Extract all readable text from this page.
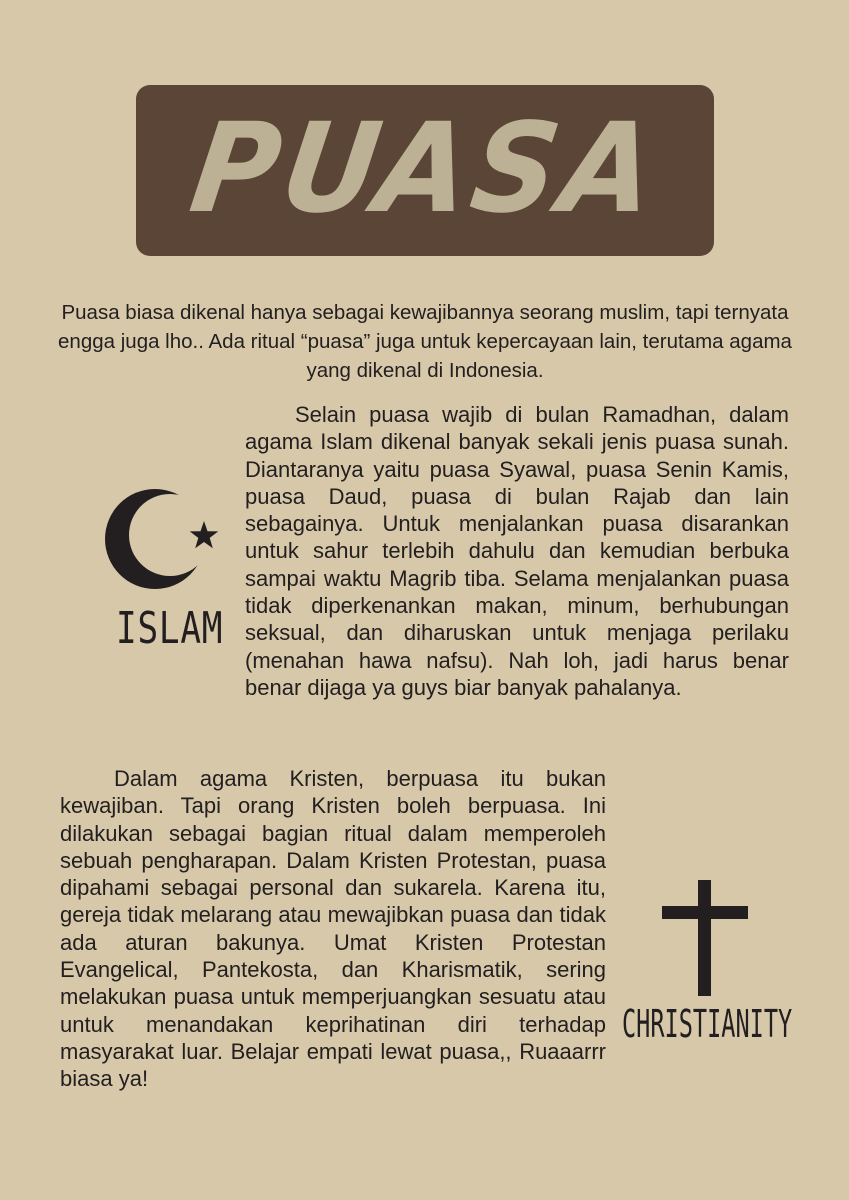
PUASA
Puasa biasa dikenal hanya sebagai kewajibannya seorang muslim, tapi ternyata engga juga lho.. Ada ritual “puasa” juga untuk kepercayaan lain, terutama agama yang dikenal di Indonesia.
ISLAM

Selain puasa wajib di bulan Ramadhan, dalam agama Islam dikenal banyak sekali jenis puasa sunah. Diantaranya yaitu puasa Syawal, puasa Senin Kamis, puasa Daud, puasa di bulan Rajab dan lain sebagainya. Untuk menjalankan puasa disarankan untuk sahur terlebih dahulu dan kemudian berbuka sampai waktu Magrib tiba. Selama menjalankan puasa tidak diperkenankan makan, minum, berhubungan seksual, dan diharuskan untuk menjaga perilaku (menahan hawa nafsu). Nah loh, jadi harus benar benar dijaga ya guys biar banyak pahalanya.

Dalam agama Kristen, berpuasa itu bukan kewajiban. Tapi orang Kristen boleh berpuasa. Ini dilakukan sebagai bagian ritual dalam memperoleh sebuah pengharapan. Dalam Kristen Protestan, puasa dipahami sebagai personal dan sukarela. Karena itu, gereja tidak melarang atau mewajibkan puasa dan tidak ada aturan bakunya. Umat Kristen Protestan Evangelical, Pantekosta, dan Kharismatik, sering melakukan puasa untuk memperjuangkan sesuatu atau untuk menandakan keprihatinan diri terhadap masyarakat luar. Belajar empati lewat puasa,, Ruaaarrr biasa ya!

CHRISTIANITY
